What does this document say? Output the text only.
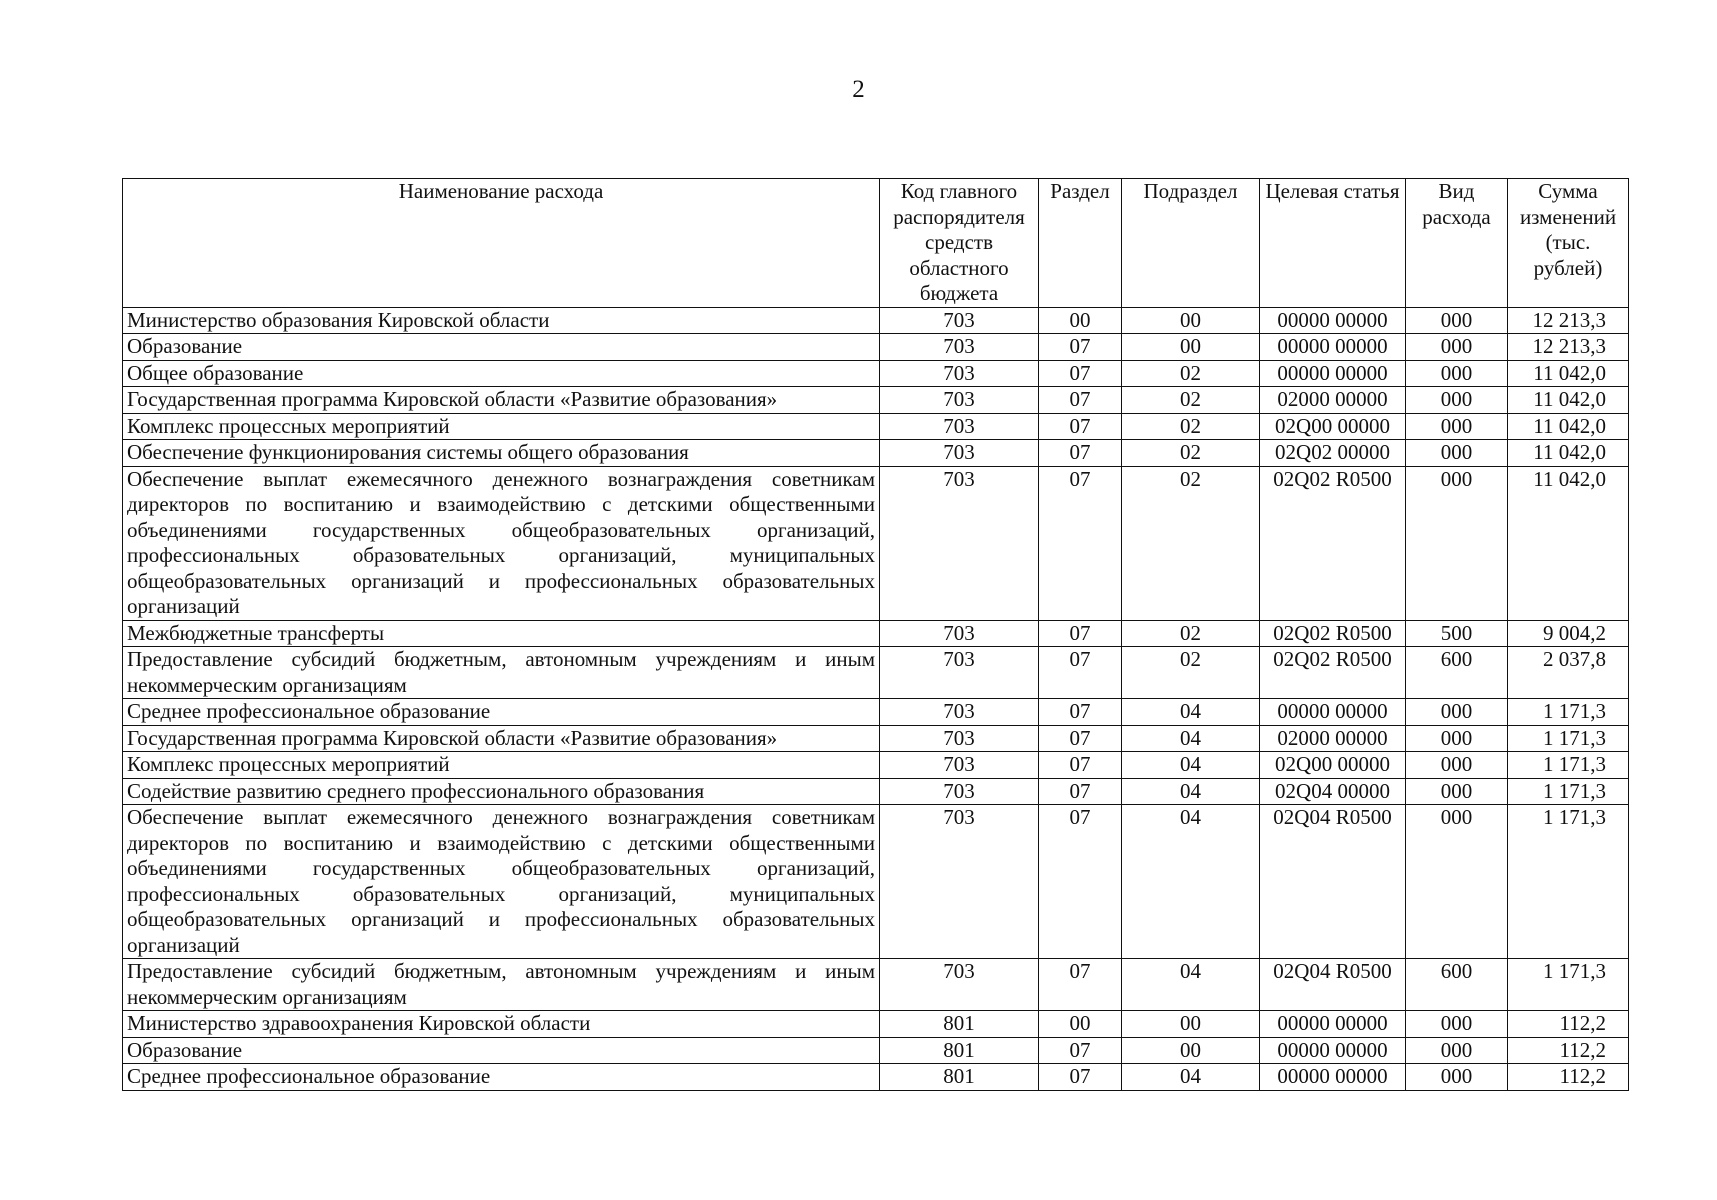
2
Наименование расхода	Код главного распорядителя средств областного бюджета	Раздел	Подраздел	Целевая статья	Вид расхода	Сумма изменений (тыс. рублей)
Министерство образования Кировской области	703	00	00	00000 00000	000	12 213,3
Образование	703	07	00	00000 00000	000	12 213,3
Общее образование	703	07	02	00000 00000	000	11 042,0
Государственная программа Кировской области «Развитие образования»	703	07	02	02000 00000	000	11 042,0
Комплекс процессных мероприятий	703	07	02	02Q00 00000	000	11 042,0
Обеспечение функционирования системы общего образования	703	07	02	02Q02 00000	000	11 042,0
Обеспечение выплат ежемесячного денежного вознаграждения советникам директоров по воспитанию и взаимодействию с детскими общественными объединениями государственных общеобразовательных организаций, профессиональных образовательных организаций, муниципальных общеобразовательных организаций и профессиональных образовательных организаций	703	07	02	02Q02 R0500	000	11 042,0
Межбюджетные трансферты	703	07	02	02Q02 R0500	500	9 004,2
Предоставление субсидий бюджетным, автономным учреждениям и иным некоммерческим организациям	703	07	02	02Q02 R0500	600	2 037,8
Среднее профессиональное образование	703	07	04	00000 00000	000	1 171,3
Государственная программа Кировской области «Развитие образования»	703	07	04	02000 00000	000	1 171,3
Комплекс процессных мероприятий	703	07	04	02Q00 00000	000	1 171,3
Содействие развитию среднего профессионального образования	703	07	04	02Q04 00000	000	1 171,3
Обеспечение выплат ежемесячного денежного вознаграждения советникам директоров по воспитанию и взаимодействию с детскими общественными объединениями государственных общеобразовательных организаций, профессиональных образовательных организаций, муниципальных общеобразовательных организаций и профессиональных образовательных организаций	703	07	04	02Q04 R0500	000	1 171,3
Предоставление субсидий бюджетным, автономным учреждениям и иным некоммерческим организациям	703	07	04	02Q04 R0500	600	1 171,3
Министерство здравоохранения Кировской области	801	00	00	00000 00000	000	112,2
Образование	801	07	00	00000 00000	000	112,2
Среднее профессиональное образование	801	07	04	00000 00000	000	112,2
